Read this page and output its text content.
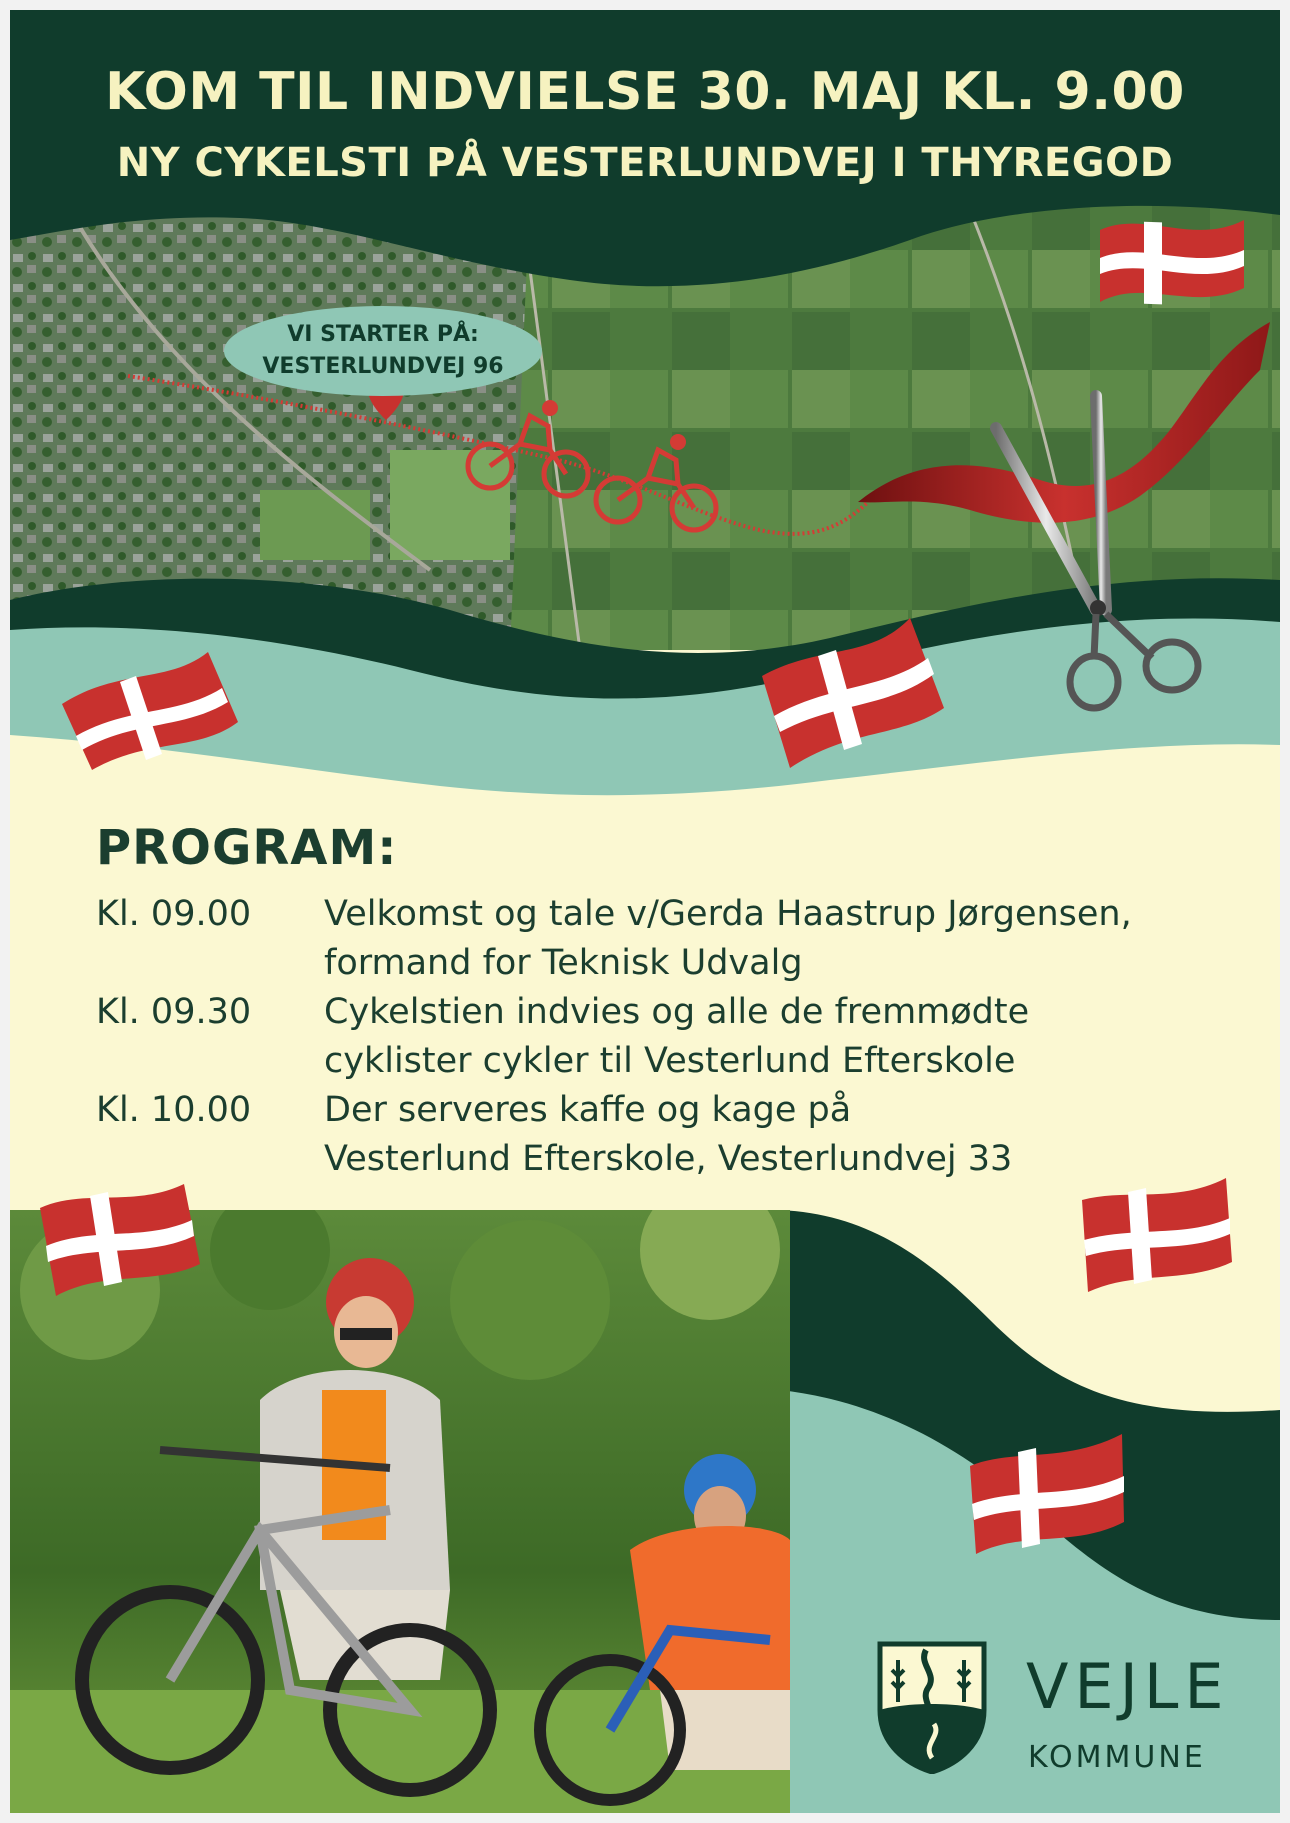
KOM TIL INDVIELSE 30. MAJ KL. 9.00
NY CYKELSTI PÅ VESTERLUNDVEJ I THYREGOD
VI STARTER PÅ:
VESTERLUNDVEJ 96
PROGRAM:
Kl. 09.00	Velkomst og tale v/Gerda Haastrup Jørgensen,
formand for Teknisk Udvalg
Kl. 09.30	Cykelstien indvies og alle de fremmødte
cyklister cykler til Vesterlund Efterskole
Kl. 10.00	Der serveres kaffe og kage på
Vesterlund Efterskole, Vesterlundvej 33
VEJLE
KOMMUNE
